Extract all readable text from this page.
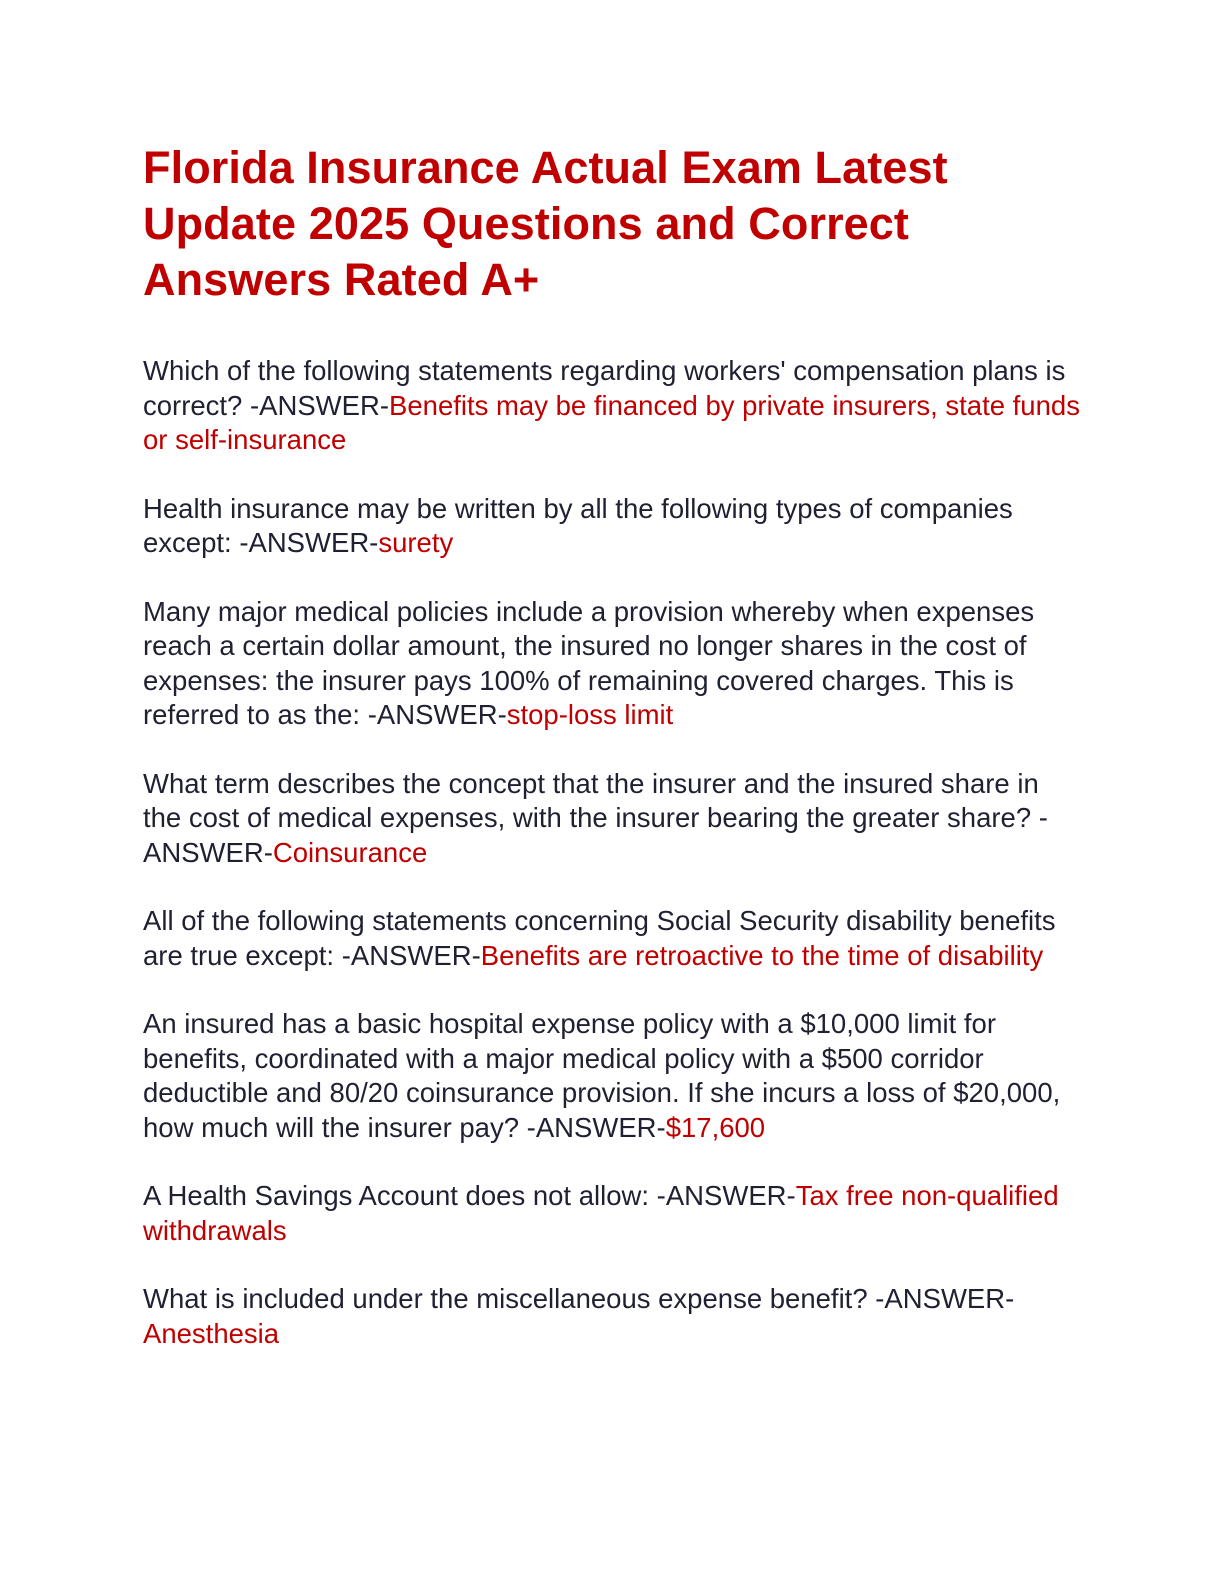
Florida Insurance Actual Exam Latest Update 2025 Questions and Correct Answers Rated A+

Which of the following statements regarding workers' compensation plans is correct? -ANSWER-Benefits may be financed by private insurers, state funds or self-insurance

Health insurance may be written by all the following types of companies except: -ANSWER-surety

Many major medical policies include a provision whereby when expenses reach a certain dollar amount, the insured no longer shares in the cost of expenses: the insurer pays 100% of remaining covered charges. This is referred to as the: -ANSWER-stop-loss limit

What term describes the concept that the insurer and the insured share in the cost of medical expenses, with the insurer bearing the greater share? -ANSWER-Coinsurance

All of the following statements concerning Social Security disability benefits are true except: -ANSWER-Benefits are retroactive to the time of disability

An insured has a basic hospital expense policy with a $10,000 limit for benefits, coordinated with a major medical policy with a $500 corridor deductible and 80/20 coinsurance provision. If she incurs a loss of $20,000, how much will the insurer pay? -ANSWER-$17,600

A Health Savings Account does not allow: -ANSWER-Tax free non-qualified withdrawals

What is included under the miscellaneous expense benefit? -ANSWER-Anesthesia
